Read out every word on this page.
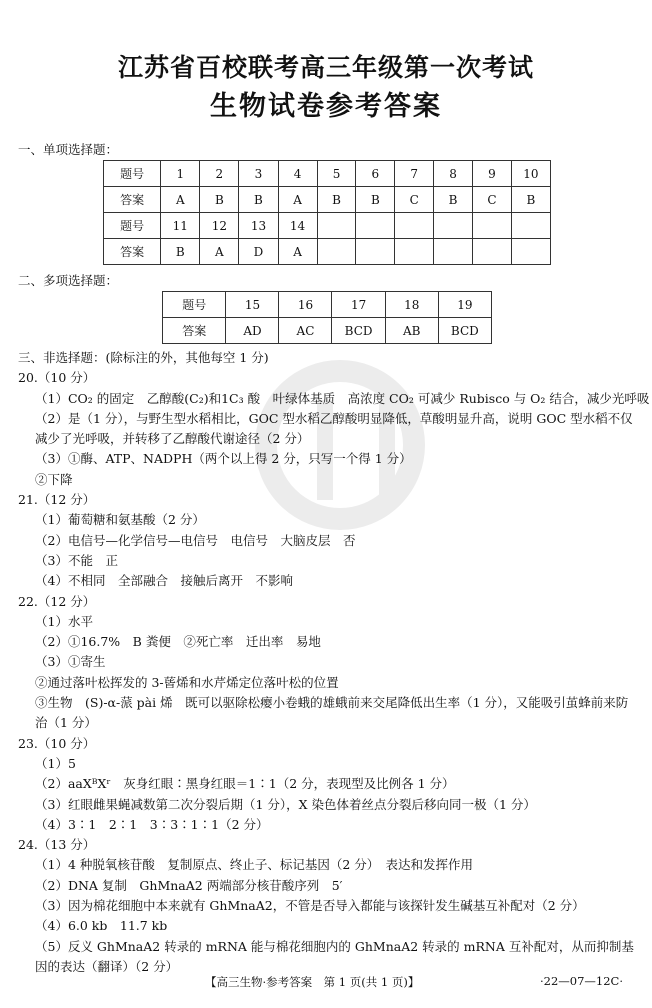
江苏省百校联考高三年级第一次考试
生物试卷参考答案
一、单项选择题：
题号	1	2	3	4	5	6	7	8	9	10
答案	A	B	B	A	B	B	C	B	C	B
题号	11	12	13	14						
答案	B	A	D	A						
二、多项选择题：
题号	15	16	17	18	19
答案	AD	AC	BCD	AB	BCD
三、非选择题：(除标注的外，其他每空 1 分)
20.（10 分）
（1）CO₂ 的固定　乙醇酸(C₂)和1C₃ 酸　叶绿体基质　高浓度 CO₂ 可减少 Rubisco 与 O₂ 结合，减少光呼吸
（2）是（1 分），与野生型水稻相比，GOC 型水稻乙醇酸明显降低，草酸明显升高，说明 GOC 型水稻不仅减少了光呼吸，并转移了乙醇酸代谢途径（2 分）
（3）①酶、ATP、NADPH（两个以上得 2 分，只写一个得 1 分）
②下降
21.（12 分）
（1）葡萄糖和氨基酸（2 分）
（2）电信号—化学信号—电信号　电信号　大脑皮层　否
（3）不能　正
（4）不相同　全部融合　接触后离开　不影响
22.（12 分）
（1）水平
（2）①16.7%　B 粪便　②死亡率　迁出率　易地
（3）①寄生
②通过落叶松挥发的 3-蒈烯和水芹烯定位落叶松的位置
③生物　(S)-α-蒎 pài 烯　既可以驱除松瘿小卷蛾的雄蛾前来交尾降低出生率（1 分），又能吸引茧蜂前来防治（1 分）
23.（10 分）
（1）5
（2）aaXᴮXʳ　灰身红眼∶黑身红眼＝1∶1（2 分，表现型及比例各 1 分）
（3）红眼雌果蝇减数第二次分裂后期（1 分），X 染色体着丝点分裂后移向同一极（1 分）
（4）3∶1　2∶1　3∶3∶1∶1（2 分）
24.（13 分）
（1）4 种脱氧核苷酸　复制原点、终止子、标记基因（2 分）　表达和发挥作用
（2）DNA 复制　GhMnaA2 两端部分核苷酸序列　5′
（3）因为棉花细胞中本来就有 GhMnaA2，不管是否导入都能与该探针发生碱基互补配对（2 分）
（4）6.0 kb　11.7 kb
（5）反义 GhMnaA2 转录的 mRNA 能与棉花细胞内的 GhMnaA2 转录的 mRNA 互补配对，从而抑制基因的表达（翻译）（2 分）
【高三生物·参考答案　第 1 页(共 1 页)】	·22—07—12C·
